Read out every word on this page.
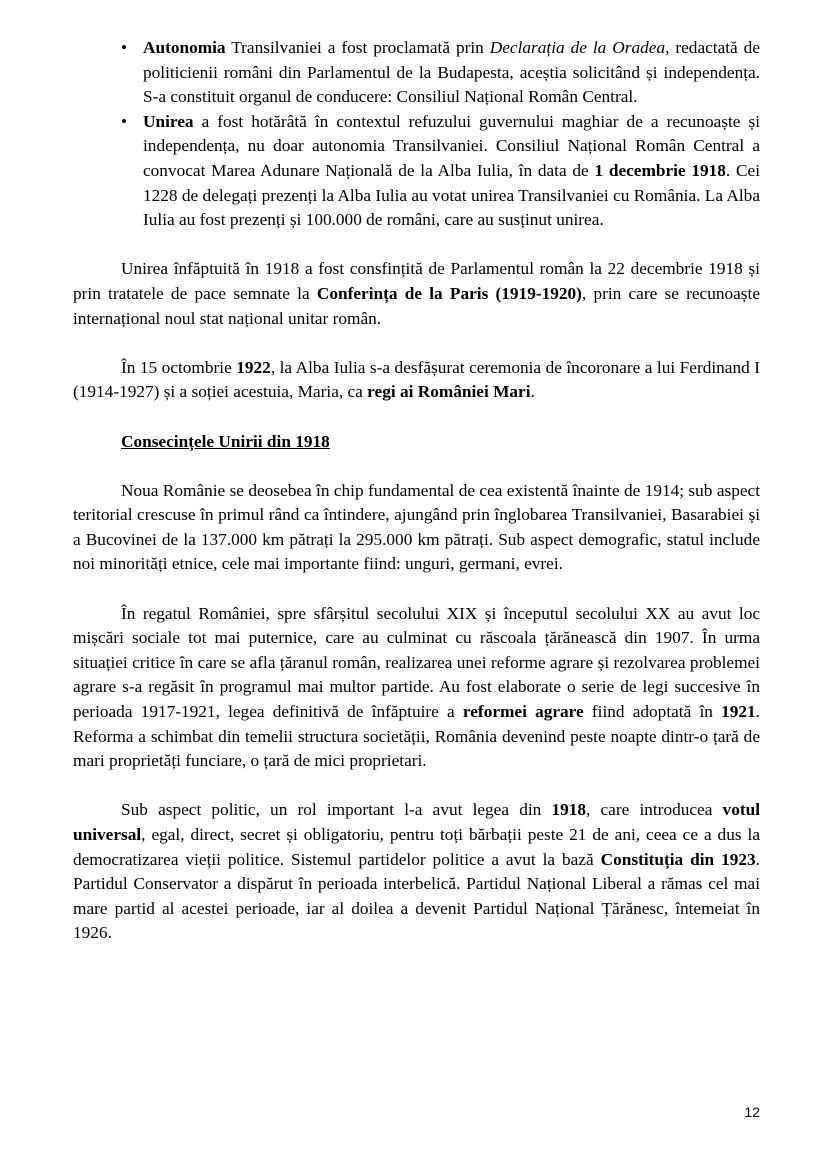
• Autonomia Transilvaniei a fost proclamată prin Declarația de la Oradea, redactată de politicienii români din Parlamentul de la Budapesta, aceștia solicitând și independența. S-a constituit organul de conducere: Consiliul Național Român Central.
• Unirea a fost hotărâtă în contextul refuzului guvernului maghiar de a recunoaște și independența, nu doar autonomia Transilvaniei. Consiliul Național Român Central a convocat Marea Adunare Națională de la Alba Iulia, în data de 1 decembrie 1918. Cei 1228 de delegați prezenți la Alba Iulia au votat unirea Transilvaniei cu România. La Alba Iulia au fost prezenți și 100.000 de români, care au susținut unirea.

Unirea înfăptuită în 1918 a fost consfințită de Parlamentul român la 22 decembrie 1918 și prin tratatele de pace semnate la Conferința de la Paris (1919-1920), prin care se recunoaște internațional noul stat național unitar român.

În 15 octombrie 1922, la Alba Iulia s-a desfășurat ceremonia de încoronare a lui Ferdinand I (1914-1927) și a soției acestuia, Maria, ca regi ai României Mari.

Consecințele Unirii din 1918

Noua Românie se deosebea în chip fundamental de cea existentă înainte de 1914; sub aspect teritorial crescuse în primul rând ca întindere, ajungând prin înglobarea Transilvaniei, Basarabiei și a Bucovinei de la 137.000 km pătrați la 295.000 km pătrați. Sub aspect demografic, statul include noi minorități etnice, cele mai importante fiind: unguri, germani, evrei.

În regatul României, spre sfârșitul secolului XIX și începutul secolului XX au avut loc mișcări sociale tot mai puternice, care au culminat cu răscoala țărănească din 1907. În urma situației critice în care se afla țăranul român, realizarea unei reforme agrare și rezolvarea problemei agrare s-a regăsit în programul mai multor partide. Au fost elaborate o serie de legi succesive în perioada 1917-1921, legea definitivă de înfăptuire a reformei agrare fiind adoptată în 1921. Reforma a schimbat din temelii structura societății, România devenind peste noapte dintr-o țară de mari proprietăți funciare, o țară de mici proprietari.

Sub aspect politic, un rol important l-a avut legea din 1918, care introducea votul universal, egal, direct, secret și obligatoriu, pentru toți bărbații peste 21 de ani, ceea ce a dus la democratizarea vieții politice. Sistemul partidelor politice a avut la bază Constituția din 1923. Partidul Conservator a dispărut în perioada interbelică. Partidul Național Liberal a rămas cel mai mare partid al acestei perioade, iar al doilea a devenit Partidul Național Țărănesc, întemeiat în 1926.

12
